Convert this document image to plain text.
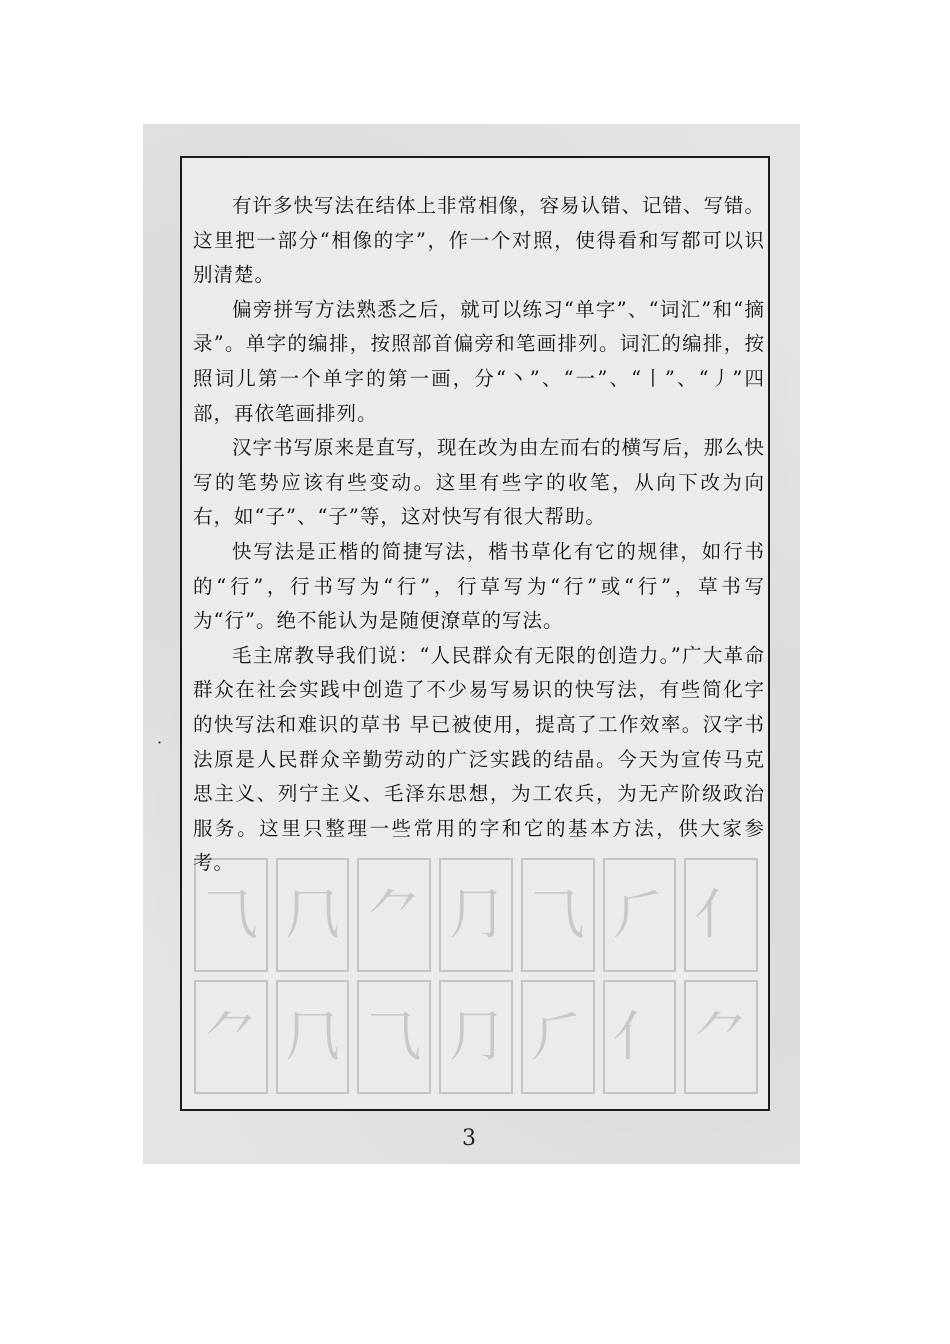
⺄ ⺇ ⺈ ⺆ ⺄ ⺁ ⺅
⺈ ⺇ ⺄ ⺆ ⺁ ⺅ ⺈

有许多快写法在结体上非常相像，容易认错、记错、写错。这里把一部分“相像的字”，作一个对照，使得看和写都可以识别清楚。

偏旁拼写方法熟悉之后，就可以练习“单字”、“词汇”和“摘录”。单字的编排，按照部首偏旁和笔画排列。词汇的编排，按照词儿第一个单字的第一画，分“丶”、“一”、“丨”、“丿”四部，再依笔画排列。

汉字书写原来是直写，现在改为由左而右的横写后，那么快写的笔势应该有些变动。这里有些字的收笔，从向下改为向右，如“子”、“子”等，这对快写有很大帮助。

快写法是正楷的简捷写法，楷书草化有它的规律，如行书的“行”，行书写为“行”，行草写为“行”或“行”，草书写为“行”。绝不能认为是随便潦草的写法。

毛主席教导我们说：“人民群众有无限的创造力。”广大革命群众在社会实践中创造了不少易写易识的快写法，有些简化字的快写法和难识的草书 早已被使用，提高了工作效率。汉字书法原是人民群众辛勤劳动的广泛实践的结晶。今天为宣传马克思主义、列宁主义、毛泽东思想，为工农兵，为无产阶级政治服务。这里只整理一些常用的字和它的基本方法，供大家参考。

·
3
